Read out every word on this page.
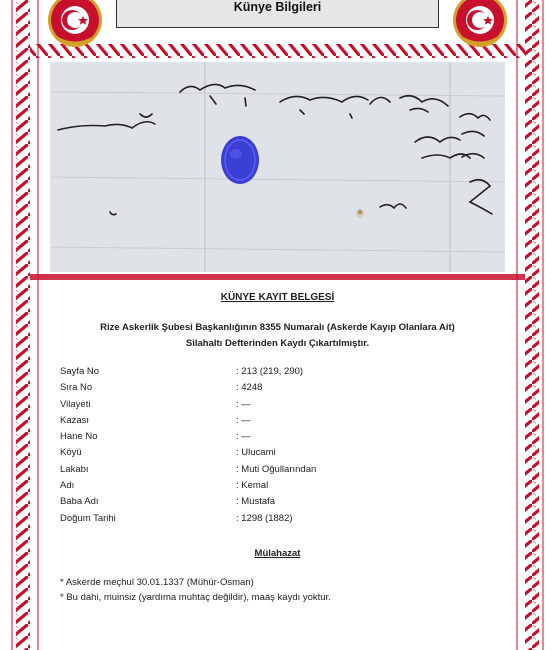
Künye Bilgileri
KÜNYE KAYIT BELGESİ
Rize Askerlik Şubesi Başkanlığının 8355 Numaralı (Askerde Kayıp Olanlara Ait)
Silahaltı Defterinden Kaydı Çıkartılmıştır.
Sayfa No	: 213 (219, 290)
Sıra No	: 4248
Vilayeti	: —
Kazası	: —
Hane No	: —
Köyü	: Ulucami
Lakabı	: Muti Oğullarından
Adı	: Kemal
Baba Adı	: Mustafa
Doğum Tarihi	: 1298 (1882)
Mülahazat
* Askerde meçhul 30.01.1337 (Mühür-Osman)
* Bu dahi, muinsiz (yardıma muhtaç değildir), maaş kaydı yoktur.
